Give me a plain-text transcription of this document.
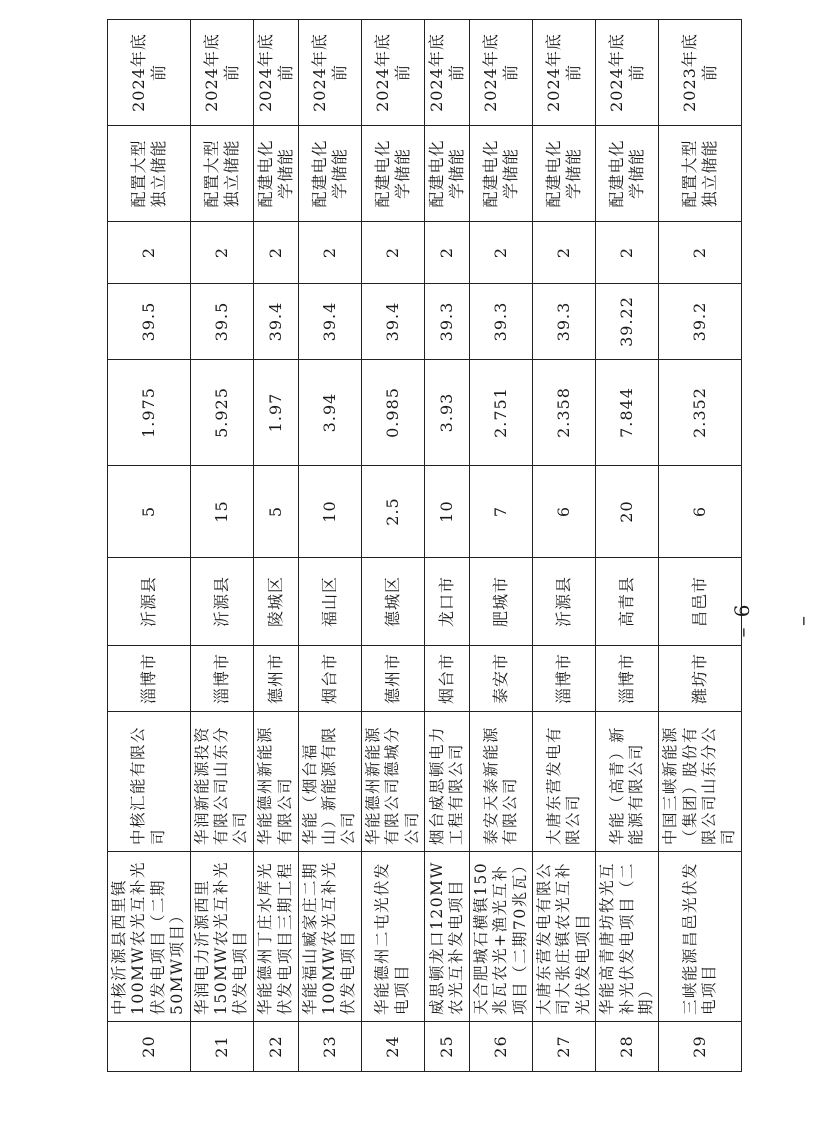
20	中核沂源县西里镇100MW农光互补光伏发电项目（二期 50MW项目）	中核汇能有限公司	淄博市	沂源县	5	1.975	39.5	2	配置大型独立储能	2024年底前
21	华润电力沂源西里150MW农光互补光伏发电项目	华润新能源投资有限公司山东分公司	淄博市	沂源县	15	5.925	39.5	2	配置大型独立储能	2024年底前
22	华能德州丁庄水库光伏发电项目三期工程	华能德州新能源有限公司	德州市	陵城区	5	1.97	39.4	2	配建电化学储能	2024年底前
23	华能福山臧家庄二期100MW农光互补光伏发电项目	华能（烟台福山）新能源有限公司	烟台市	福山区	10	3.94	39.4	2	配建电化学储能	2024年底前
24	华能德州二屯光伏发电项目	华能德州新能源有限公司德城分公司	德州市	德城区	2.5	0.985	39.4	2	配建电化学储能	2024年底前
25	威思顿龙口120MW农光互补发电项目	烟台威思顿电力工程有限公司	烟台市	龙口市	10	3.93	39.3	2	配建电化学储能	2024年底前
26	天合肥城石横镇150兆瓦农光+渔光互补项目（二期70兆瓦）	泰安天泰新能源有限公司	泰安市	肥城市	7	2.751	39.3	2	配建电化学储能	2024年底前
27	大唐东营发电有限公司大张庄镇农光互补光伏发电项目	大唐东营发电有限公司	淄博市	沂源县	6	2.358	39.3	2	配建电化学储能	2024年底前
28	华能高青唐坊牧光互补光伏发电项目（二期）	华能（高青）新能源有限公司	淄博市	高青县	20	7.844	39.22	2	配建电化学储能	2024年底前
29	三峡能源昌邑光伏发电项目	中国三峡新能源（集团）股份有限公司山东分公司	潍坊市	昌邑市	6	2.352	39.2	2	配置大型独立储能	2023年底前
– 6 –
